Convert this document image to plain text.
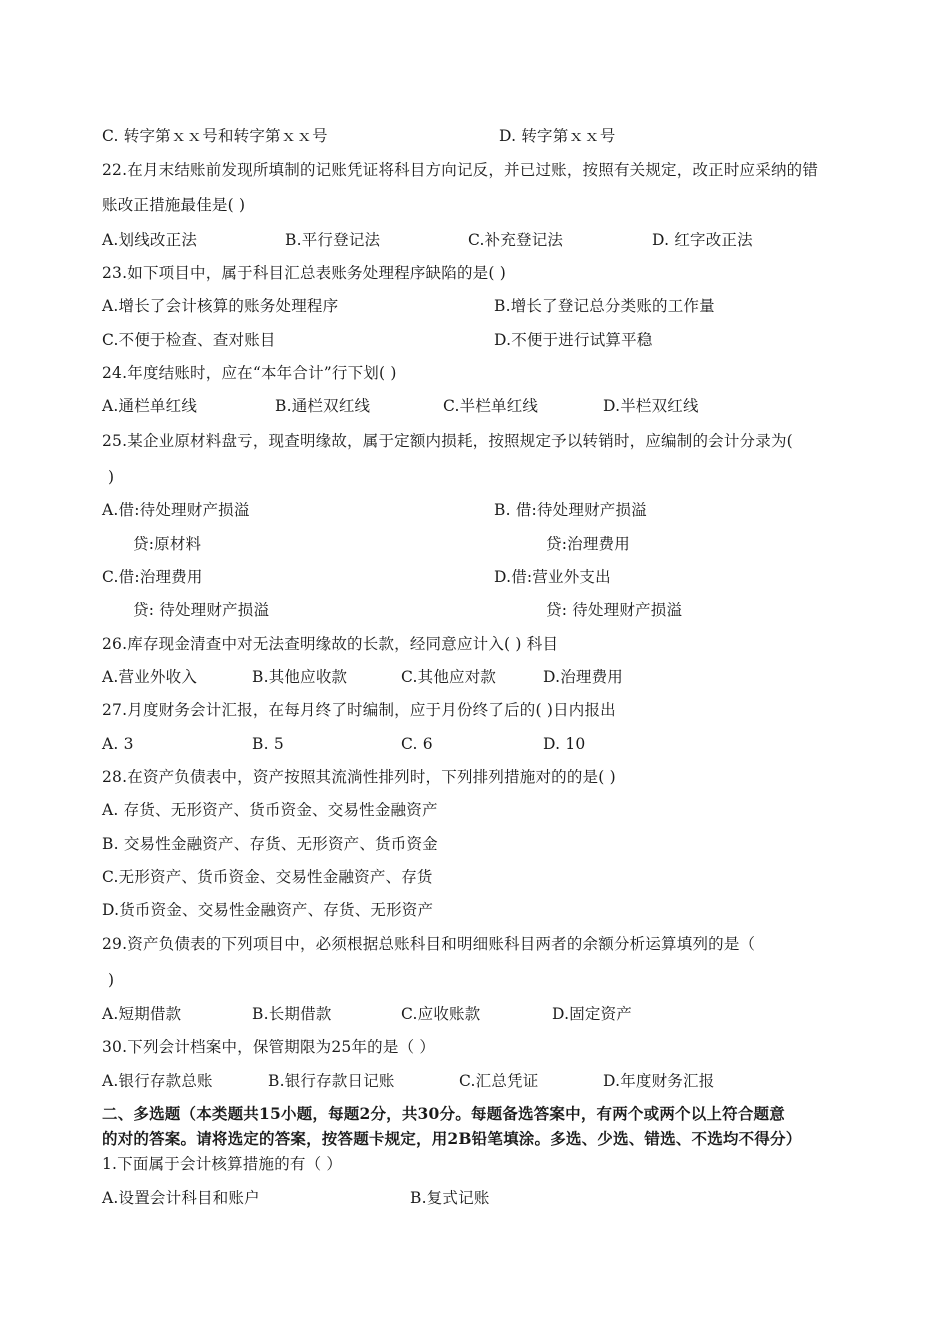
C. 转字第ｘｘ号和转字第ｘｘ号	D. 转字第ｘｘ号
22.在月末结账前发现所填制的记账凭证将科目方向记反，并已过账，按照有关规定，改正时应采纳的错
账改正措施最佳是( )
A.划线改正法	B.平行登记法	C.补充登记法	D. 红字改正法
23.如下项目中，属于科目汇总表账务处理程序缺陷的是( )
A.增长了会计核算的账务处理程序	B.增长了登记总分类账的工作量
C.不便于检查、查对账目	D.不便于进行试算平稳
24.年度结账时，应在“本年合计”行下划( )
A.通栏单红线	B.通栏双红线	C.半栏单红线	D.半栏双红线
25.某企业原材料盘亏，现查明缘故，属于定额内损耗，按照规定予以转销时，应编制的会计分录为(
)
A.借:待处理财产损溢	B. 借:待处理财产损溢
贷:原材料	贷:治理费用
C.借:治理费用	D.借:营业外支出
贷: 待处理财产损溢	贷: 待处理财产损溢
26.库存现金清查中对无法查明缘故的长款，经同意应计入( ) 科目
A.营业外收入	B.其他应收款	C.其他应对款	D.治理费用
27.月度财务会计汇报，在每月终了时编制，应于月份终了后的( )日内报出
A. 3	B. 5	C. 6	D. 10
28.在资产负债表中，资产按照其流淌性排列时，下列排列措施对的的是( )
A. 存货、无形资产、货币资金、交易性金融资产
B. 交易性金融资产、存货、无形资产、货币资金
C.无形资产、货币资金、交易性金融资产、存货
D.货币资金、交易性金融资产、存货、无形资产
29.资产负债表的下列项目中，必须根据总账科目和明细账科目两者的余额分析运算填列的是（
)
A.短期借款	B.长期借款	C.应收账款	D.固定资产
30.下列会计档案中，保管期限为25年的是（ ）
A.银行存款总账	B.银行存款日记账	C.汇总凭证	D.年度财务汇报
二、多选题（本类题共15小题，每题2分，共30分。每题备选答案中，有两个或两个以上符合题意
的对的答案。请将选定的答案，按答题卡规定，用2B铅笔填涂。多选、少选、错选、不选均不得分）
1.下面属于会计核算措施的有（ ）
A.设置会计科目和账户	B.复式记账
